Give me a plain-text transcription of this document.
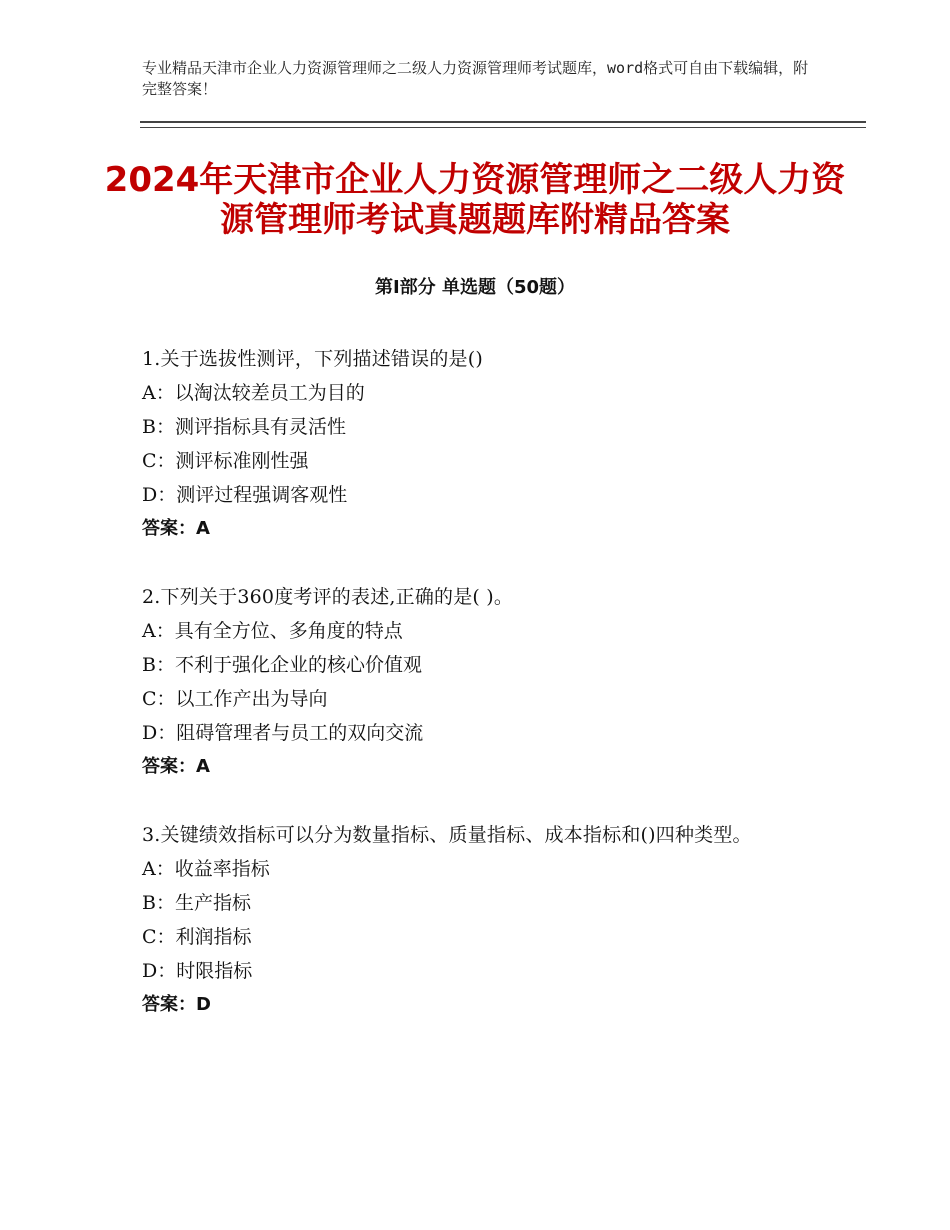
专业精品天津市企业人力资源管理师之二级人力资源管理师考试题库，word格式可自由下载编辑，附完整答案！
2024年天津市企业人力资源管理师之二级人力资源管理师考试真题题库附精品答案
第Ⅰ部分 单选题（50题）

1.关于选拔性测评，下列描述错误的是()

A：以淘汰较差员工为目的

B：测评指标具有灵活性

C：测评标准刚性强

D：测评过程强调客观性

答案：A

2.下列关于360度考评的表述,正确的是( )。

A：具有全方位、多角度的特点

B：不利于强化企业的核心价值观

C：以工作产出为导向

D：阻碍管理者与员工的双向交流

答案：A

3.关键绩效指标可以分为数量指标、质量指标、成本指标和()四种类型。

A：收益率指标

B：生产指标

C：利润指标

D：时限指标

答案：D
